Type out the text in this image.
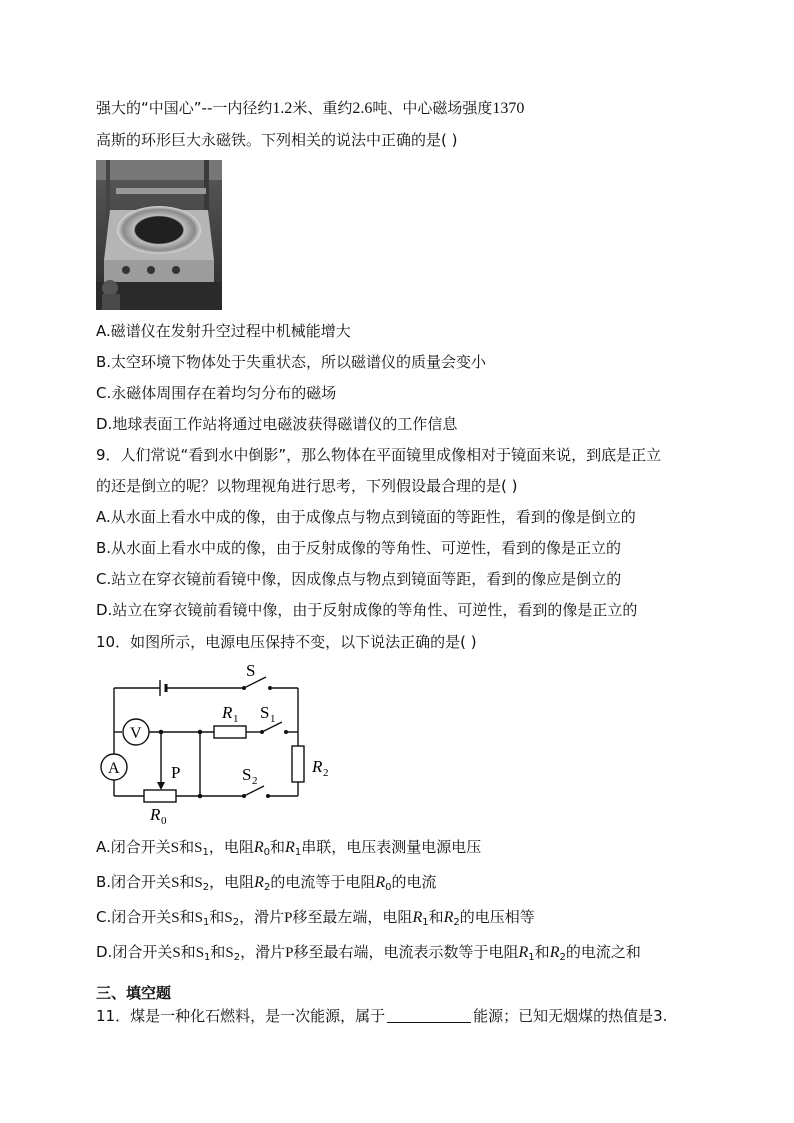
强大的“中国心”--一内径约1.2米、重约2.6吨、中心磁场强度1370
高斯的环形巨大永磁铁。下列相关的说法中正确的是( )
A.磁谱仪在发射升空过程中机械能增大
B.太空环境下物体处于失重状态，所以磁谱仪的质量会变小
C.永磁体周围存在着均匀分布的磁场
D.地球表面工作站将通过电磁波获得磁谱仪的工作信息
9．人们常说“看到水中倒影”，那么物体在平面镜里成像相对于镜面来说，到底是正立
的还是倒立的呢？以物理视角进行思考，下列假设最合理的是( )
A.从水面上看水中成的像，由于成像点与物点到镜面的等距性，看到的像是倒立的
B.从水面上看水中成的像，由于反射成像的等角性、可逆性，看到的像是正立的
C.站立在穿衣镜前看镜中像，因成像点与物点到镜面等距，看到的像应是倒立的
D.站立在穿衣镜前看镜中像，由于反射成像的等角性、可逆性，看到的像是正立的
10．如图所示，电源电压保持不变，以下说法正确的是( )
S
R 1 S 1
R 2
S 2
P
R 0
V
A
A.闭合开关S和$S_1$，电阻$R_0$和$R_1$串联，电压表测量电源电压
B.闭合开关S和$S_2$，电阻$R_2$的电流等于电阻$R_0$的电流
C.闭合开关S和$S_1$和$S_2$，滑片P移至最左端，电阻$R_1$和$R_2$的电压相等
D.闭合开关S和$S_1$和$S_2$，滑片P移至最右端，电流表示数等于电阻$R_1$和$R_2$的电流之和
三、填空题
11．煤是一种化石燃料，是一次能源，属于	能源；已知无烟煤的热值是3.
